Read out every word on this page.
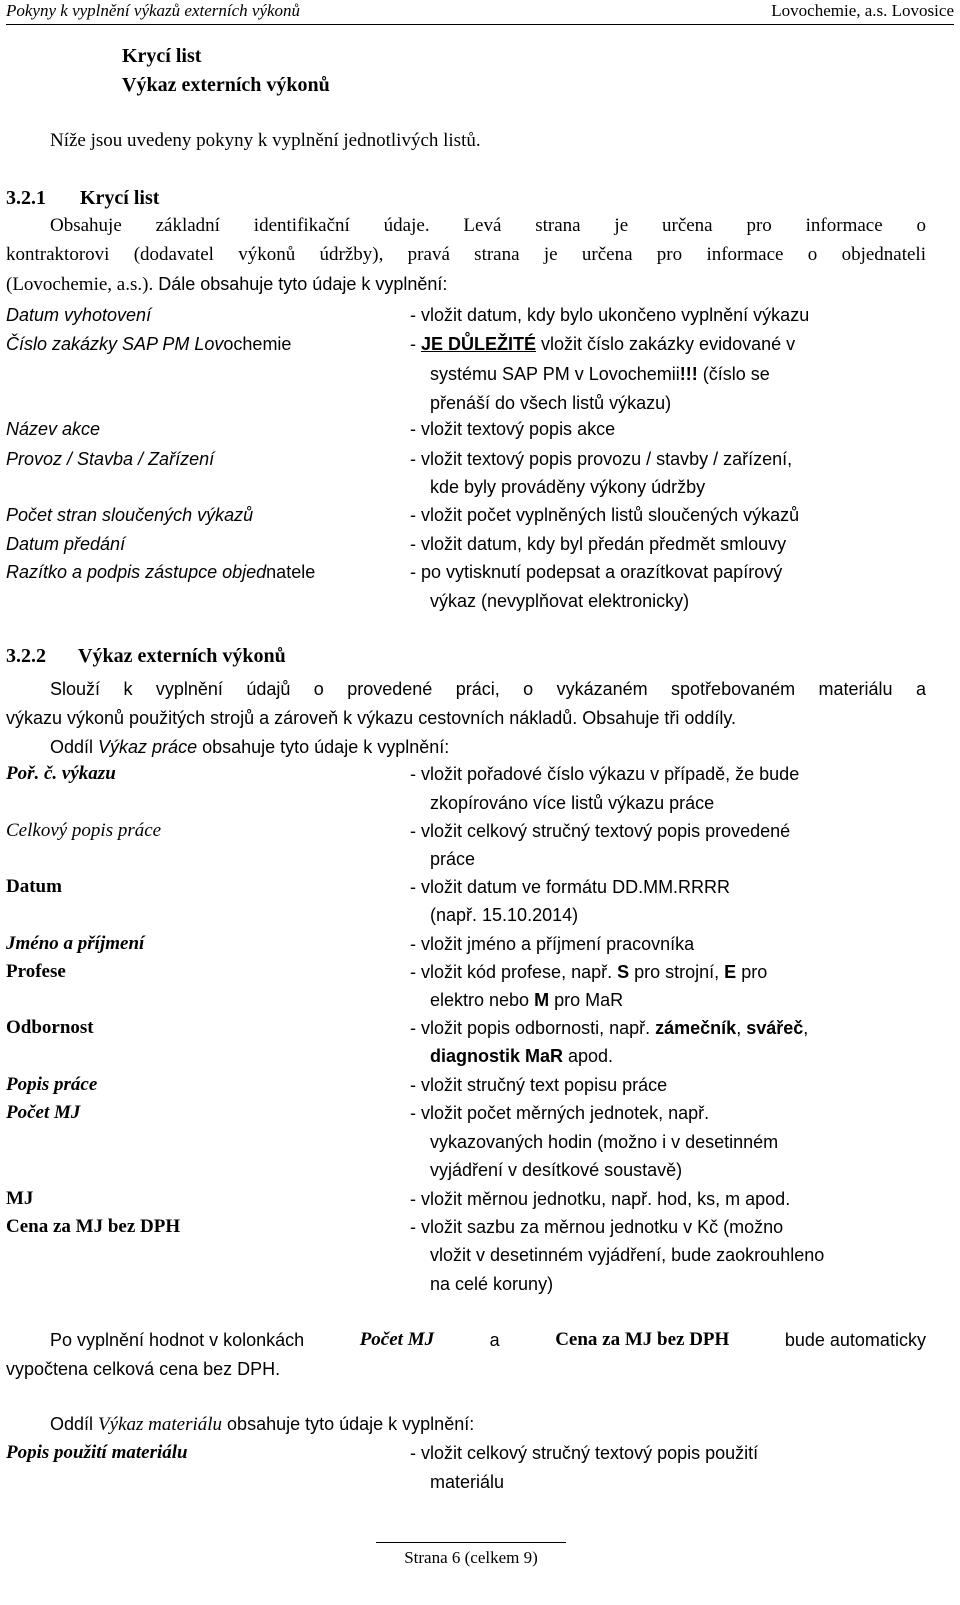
Pokyny k vyplnění výkazů externích výkonů	Lovochemie, a.s. Lovosice
Krycí list
Výkaz externích výkonů
Níže jsou uvedeny pokyny k vyplnění jednotlivých listů.
3.2.1 Krycí list
Obsahuje základní identifikační údaje. Levá strana je určena pro informace o
kontraktorovi (dodavatel výkonů údržby), pravá strana je určena pro informace o objednateli
(Lovochemie, a.s.). Dále obsahuje tyto údaje k vyplnění:
Datum vyhotovení	- vložit datum, kdy bylo ukončeno vyplnění výkazu
Číslo zakázky SAP PM Lovochemie	- JE DŮLEŽITÉ vložit číslo zakázky evidované v
systému SAP PM v Lovochemii!!! (číslo se
přenáší do všech listů výkazu)
Název akce	- vložit textový popis akce
Provoz / Stavba / Zařízení	- vložit textový popis provozu / stavby / zařízení,
kde byly prováděny výkony údržby
Počet stran sloučených výkazů	- vložit počet vyplněných listů sloučených výkazů
Datum předání	- vložit datum, kdy byl předán předmět smlouvy
Razítko a podpis zástupce objednatele	- po vytisknutí podepsat a orazítkovat papírový
výkaz (nevyplňovat elektronicky)
3.2.2 Výkaz externích výkonů
Slouží k vyplnění údajů o provedené práci, o vykázaném spotřebovaném materiálu a
výkazu výkonů použitých strojů a zároveň k výkazu cestovních nákladů. Obsahuje tři oddíly.
Oddíl Výkaz práce obsahuje tyto údaje k vyplnění:
Poř. č. výkazu	- vložit pořadové číslo výkazu v případě, že bude
zkopírováno více listů výkazu práce
Celkový popis práce	- vložit celkový stručný textový popis provedené
práce
Datum	- vložit datum ve formátu DD.MM.RRRR
(např. 15.10.2014)
Jméno a příjmení	- vložit jméno a příjmení pracovníka
Profese	- vložit kód profese, např. S pro strojní, E pro
elektro nebo M pro MaR
Odbornost	- vložit popis odbornosti, např. zámečník, svářeč,
diagnostik MaR apod.
Popis práce	- vložit stručný text popisu práce
Počet MJ	- vložit počet měrných jednotek, např.
vykazovaných hodin (možno i v desetinném
vyjádření v desítkové soustavě)
MJ	- vložit měrnou jednotku, např. hod, ks, m apod.
Cena za MJ bez DPH	- vložit sazbu za měrnou jednotku v Kč (možno
vložit v desetinném vyjádření, bude zaokrouhleno
na celé koruny)
Po vyplnění hodnot v kolonkách	Počet MJ	a	Cena za MJ bez DPH	bude automaticky
vypočtena celková cena bez DPH.
Oddíl Výkaz materiálu obsahuje tyto údaje k vyplnění:
Popis použití materiálu	- vložit celkový stručný textový popis použití
materiálu
Strana 6 (celkem 9)
